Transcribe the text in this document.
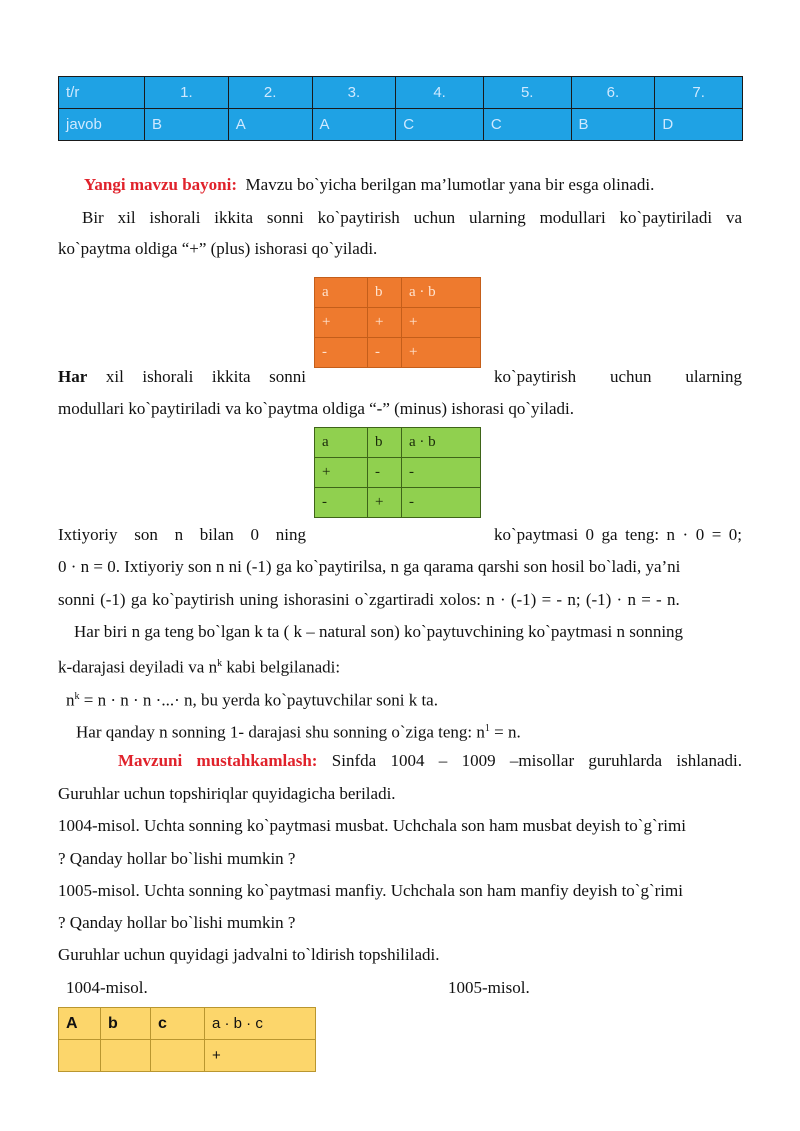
t/r	1.	2.	3.	4.	5.	6.	7.
javob	B	A	A	C	C	B	D
Yangi mavzu bayoni: Mavzu bo`yicha berilgan ma’lumotlar yana bir esga olinadi.
Bir xil ishorali ikkita sonni ko`paytirish uchun ularning modullari ko`paytiriladi va
ko`paytma oldiga “+” (plus) ishorasi qo`yiladi.
a	b	a · b
+	+	+
-	-	+
Har xil ishorali ikkita sonni	ko`paytirish uchun ularning
modullari ko`paytiriladi va ko`paytma oldiga “-” (minus) ishorasi qo`yiladi.
a	b	a · b
+	-	-
-	+	-
Ixtiyoriy son n bilan 0 ning	ko`paytmasi 0 ga teng: n · 0 = 0;
0 · n = 0. Ixtiyoriy son n ni (-1) ga ko`paytirilsa, n ga qarama qarshi son hosil bo`ladi, ya’ni
sonni (-1) ga ko`paytirish uning ishorasini o`zgartiradi xolos: n · (-1) = - n; (-1) · n = - n.
Har biri n ga teng bo`lgan k ta ( k – natural son) ko`paytuvchining ko`paytmasi n sonning
k-darajasi deyiladi va $n^k$ kabi belgilanadi:
$n^k = n \cdot n \cdot n$ ·...· n, bu yerda ko`paytuvchilar soni k ta.
Har qanday n sonning 1- darajasi shu sonning o`ziga teng: $n^1 = n$.
Mavzuni mustahkamlash: Sinfda 1004 – 1009 –misollar guruhlarda ishlanadi.
Guruhlar uchun topshiriqlar quyidagicha beriladi.
1004-misol. Uchta sonning ko`paytmasi musbat. Uchchala son ham musbat deyish to`g`rimi
? Qanday hollar bo`lishi mumkin ?
1005-misol. Uchta sonning ko`paytmasi manfiy. Uchchala son ham manfiy deyish to`g`rimi
? Qanday hollar bo`lishi mumkin ?
Guruhlar uchun quyidagi jadvalni to`ldirish topshililadi.
1004-misol.	1005-misol.
A	b	c	a · b · c
			+
